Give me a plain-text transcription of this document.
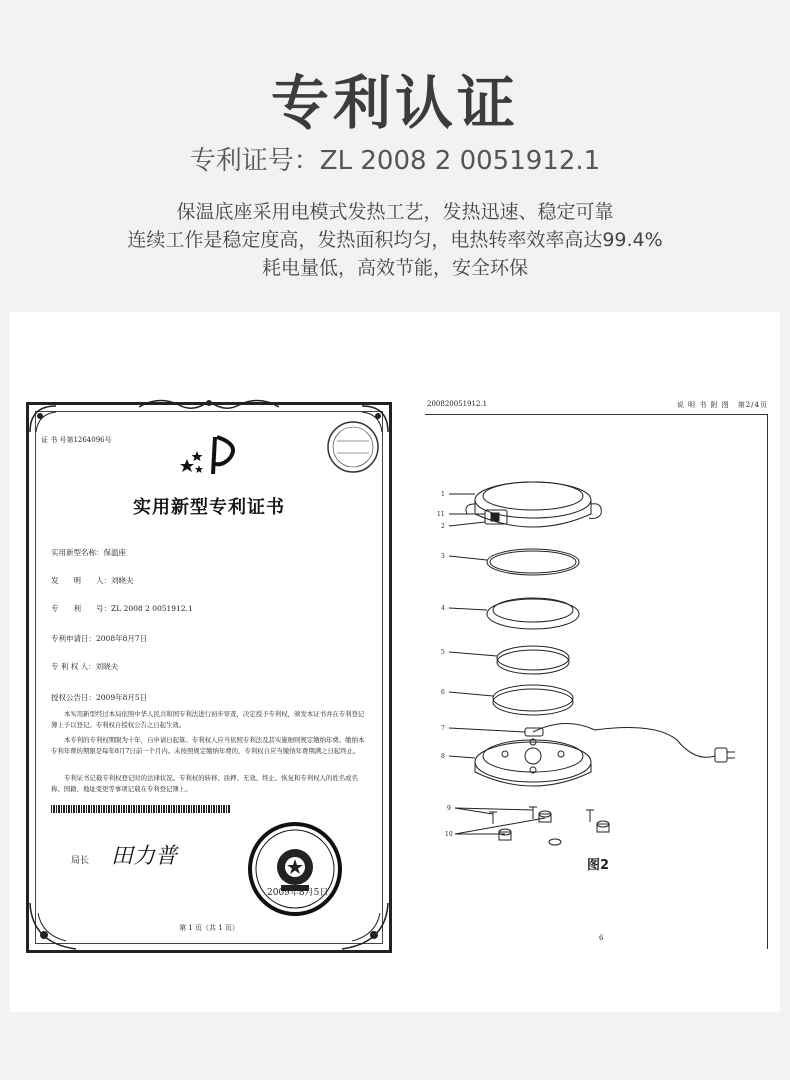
专利认证
专利证号：ZL 2008 2 0051912.1
保温底座采用电模式发热工艺，发热迅速、稳定可靠
连续工作是稳定度高，发热面积均匀，电热转率效率高达99.4%
耗电量低，高效节能，安全环保
证 书 号第1264096号
实用新型专利证书
实用新型名称：保温座
发　　明　　人：刘晓夫
专　　利　　号：ZL 2008 2 0051912.1
专利申请日：2008年8月7日
专 利 权 人：刘晓夫
授权公告日：2009年8月5日
本实用新型经过本局依照中华人民共和国专利法进行初步审查，决定授予专利权，颁发本证书并在专利登记簿上予以登记。专利权自授权公告之日起生效。
本专利的专利权期限为十年，自申请日起算。专利权人应当依照专利法及其实施细则规定缴纳年费。缴纳本专利年费的期限是每年8月7日前一个月内。未按照规定缴纳年费的，专利权自应当缴纳年费期满之日起终止。
专利证书记载专利权登记时的法律状况。专利权的转移、质押、无效、终止、恢复和专利权人的姓名或名称、国籍、地址变更等事项记载在专利登记簿上。
局长 田力普
2009年8月5日
第 1 页（共 1 页）
200820051912.1	说 明 书 附 图　第2/4页
1
11
2
3
4
5
6
7
8
9
10
图2
6
